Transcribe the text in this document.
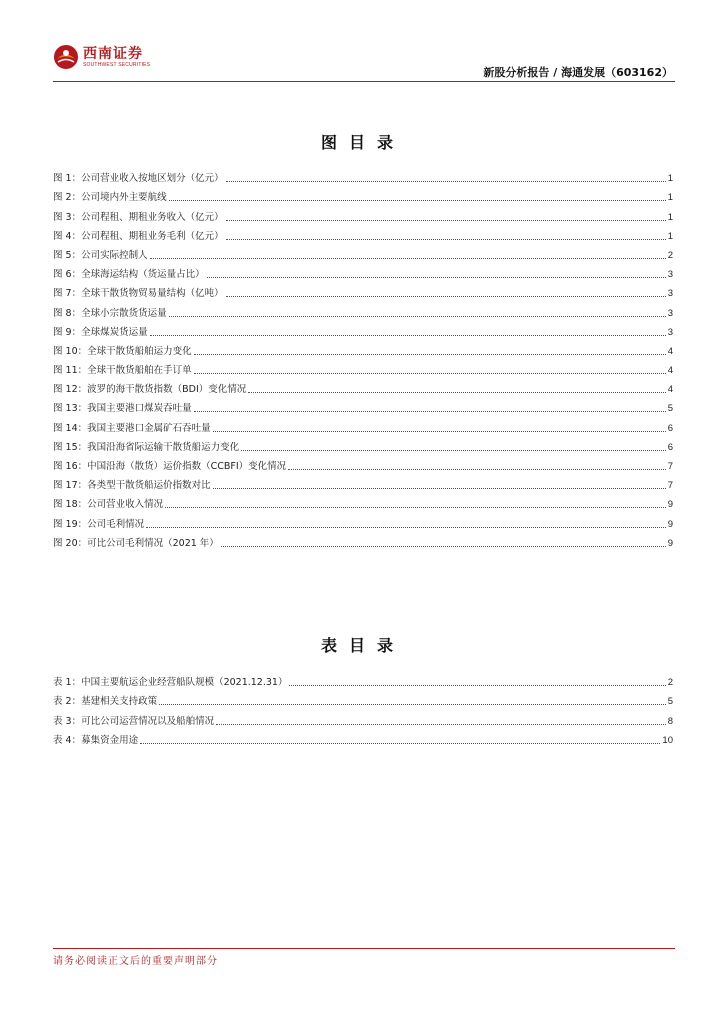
西南证券
SOUTHWEST SECURITIES
新股分析报告 / 海通发展（603162）
图目录
图 1：公司营业收入按地区划分（亿元）	1
图 2：公司境内外主要航线	1
图 3：公司程租、期租业务收入（亿元）	1
图 4：公司程租、期租业务毛利（亿元）	1
图 5：公司实际控制人	2
图 6：全球海运结构（货运量占比）	3
图 7：全球干散货物贸易量结构（亿吨）	3
图 8：全球小宗散货货运量	3
图 9：全球煤炭货运量	3
图 10：全球干散货船舶运力变化	4
图 11：全球干散货船舶在手订单	4
图 12：波罗的海干散货指数（BDI）变化情况	4
图 13：我国主要港口煤炭吞吐量	5
图 14：我国主要港口金属矿石吞吐量	6
图 15：我国沿海省际运输干散货船运力变化	6
图 16：中国沿海（散货）运价指数（CCBFI）变化情况	7
图 17：各类型干散货船运价指数对比	7
图 18：公司营业收入情况	9
图 19：公司毛利情况	9
图 20：可比公司毛利情况（2021 年）	9
表目录
表 1：中国主要航运企业经营船队规模（2021.12.31）	2
表 2：基建相关支持政策	5
表 3：可比公司运营情况以及船舶情况	8
表 4：募集资金用途	10
请务必阅读正文后的重要声明部分
